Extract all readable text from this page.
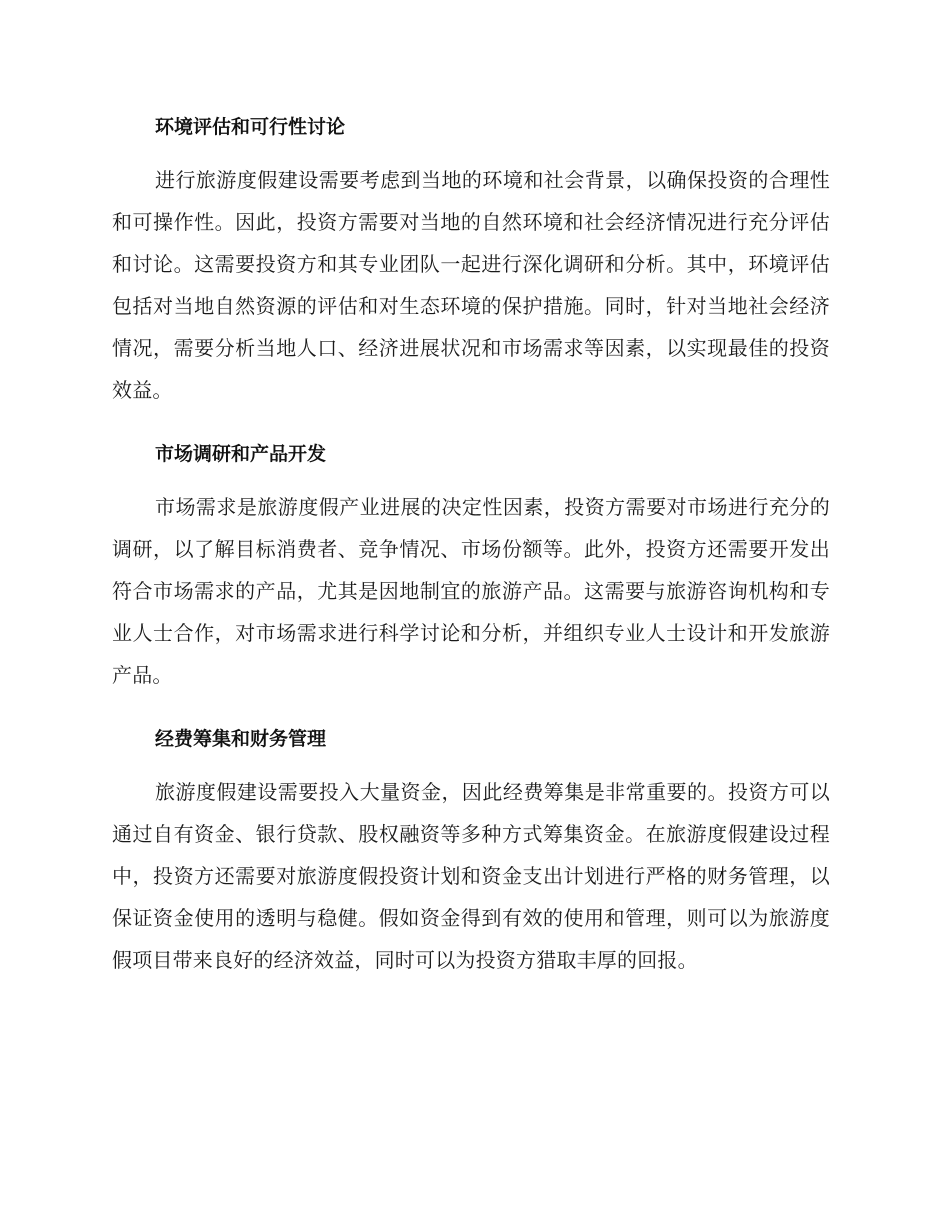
环境评估和可行性讨论

进行旅游度假建设需要考虑到当地的环境和社会背景，以确保投资的合理性和可操作性。因此，投资方需要对当地的自然环境和社会经济情况进行充分评估和讨论。这需要投资方和其专业团队一起进行深化调研和分析。其中，环境评估包括对当地自然资源的评估和对生态环境的保护措施。同时，针对当地社会经济情况，需要分析当地人口、经济进展状况和市场需求等因素，以实现最佳的投资效益。

市场调研和产品开发

市场需求是旅游度假产业进展的决定性因素，投资方需要对市场进行充分的调研，以了解目标消费者、竞争情况、市场份额等。此外，投资方还需要开发出符合市场需求的产品，尤其是因地制宜的旅游产品。这需要与旅游咨询机构和专业人士合作，对市场需求进行科学讨论和分析，并组织专业人士设计和开发旅游产品。

经费筹集和财务管理

旅游度假建设需要投入大量资金，因此经费筹集是非常重要的。投资方可以通过自有资金、银行贷款、股权融资等多种方式筹集资金。在旅游度假建设过程中，投资方还需要对旅游度假投资计划和资金支出计划进行严格的财务管理，以保证资金使用的透明与稳健。假如资金得到有效的使用和管理，则可以为旅游度假项目带来良好的经济效益，同时可以为投资方猎取丰厚的回报。
